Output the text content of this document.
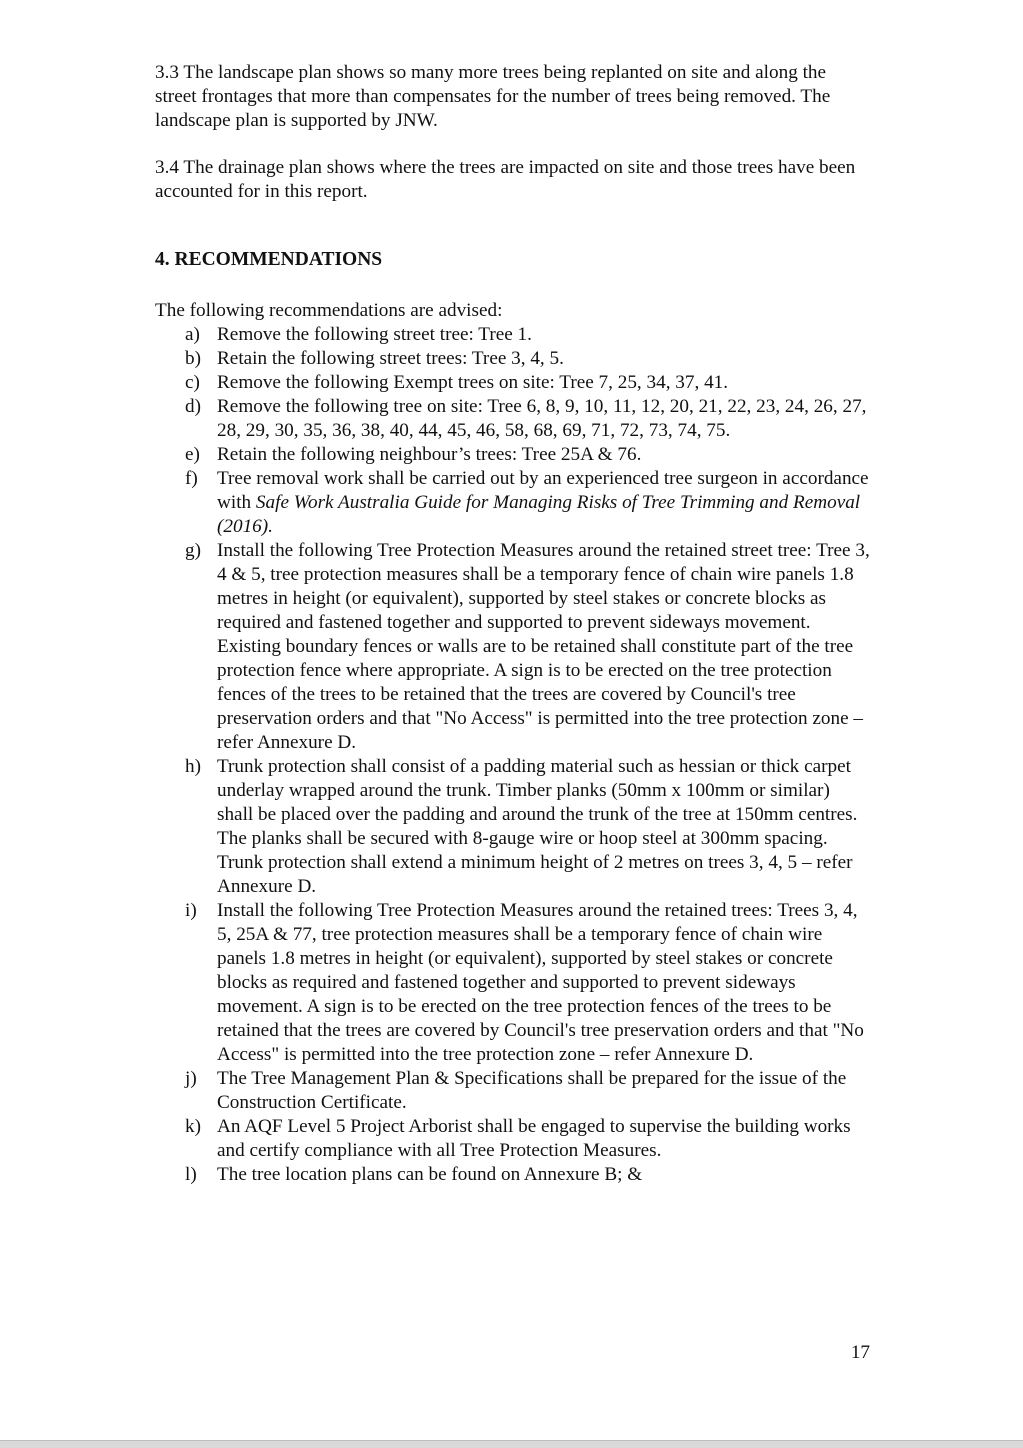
3.3 The landscape plan shows so many more trees being replanted on site and along the street frontages that more than compensates for the number of trees being removed. The landscape plan is supported by JNW.

3.4 The drainage plan shows where the trees are impacted on site and those trees have been accounted for in this report.

4. RECOMMENDATIONS

The following recommendations are advised:

a) Remove the following street tree: Tree 1.
b) Retain the following street trees: Tree 3, 4, 5.
c) Remove the following Exempt trees on site: Tree 7, 25, 34, 37, 41.
d) Remove the following tree on site: Tree 6, 8, 9, 10, 11, 12, 20, 21, 22, 23, 24, 26, 27, 28, 29, 30, 35, 36, 38, 40, 44, 45, 46, 58, 68, 69, 71, 72, 73, 74, 75.
e) Retain the following neighbour’s trees: Tree 25A & 76.
f)	Tree removal work shall be carried out by an experienced tree surgeon in accordance with Safe Work Australia Guide for Managing Risks of Tree Trimming and Removal (2016).
g) Install the following Tree Protection Measures around the retained street tree: Tree 3, 4 & 5, tree protection measures shall be a temporary fence of chain wire panels 1.8 metres in height (or equivalent), supported by steel stakes or concrete blocks as required and fastened together and supported to prevent sideways movement. Existing boundary fences or walls are to be retained shall constitute part of the tree protection fence where appropriate. A sign is to be erected on the tree protection fences of the trees to be retained that the trees are covered by Council's tree preservation orders and that "No Access" is permitted into the tree protection zone – refer Annexure D.
h) Trunk protection shall consist of a padding material such as hessian or thick carpet underlay wrapped around the trunk. Timber planks (50mm x 100mm or similar) shall be placed over the padding and around the trunk of the tree at 150mm centres. The planks shall be secured with 8-gauge wire or hoop steel at 300mm spacing. Trunk protection shall extend a minimum height of 2 metres on trees 3, 4, 5 – refer Annexure D.
i)	Install the following Tree Protection Measures around the retained trees: Trees 3, 4, 5, 25A & 77, tree protection measures shall be a temporary fence of chain wire panels 1.8 metres in height (or equivalent), supported by steel stakes or concrete blocks as required and fastened together and supported to prevent sideways movement. A sign is to be erected on the tree protection fences of the trees to be retained that the trees are covered by Council's tree preservation orders and that "No Access" is permitted into the tree protection zone – refer Annexure D.
j)	The Tree Management Plan & Specifications shall be prepared for the issue of the Construction Certificate.
k) An AQF Level 5 Project Arborist shall be engaged to supervise the building works and certify compliance with all Tree Protection Measures.
l)	The tree location plans can be found on Annexure B; &
17
